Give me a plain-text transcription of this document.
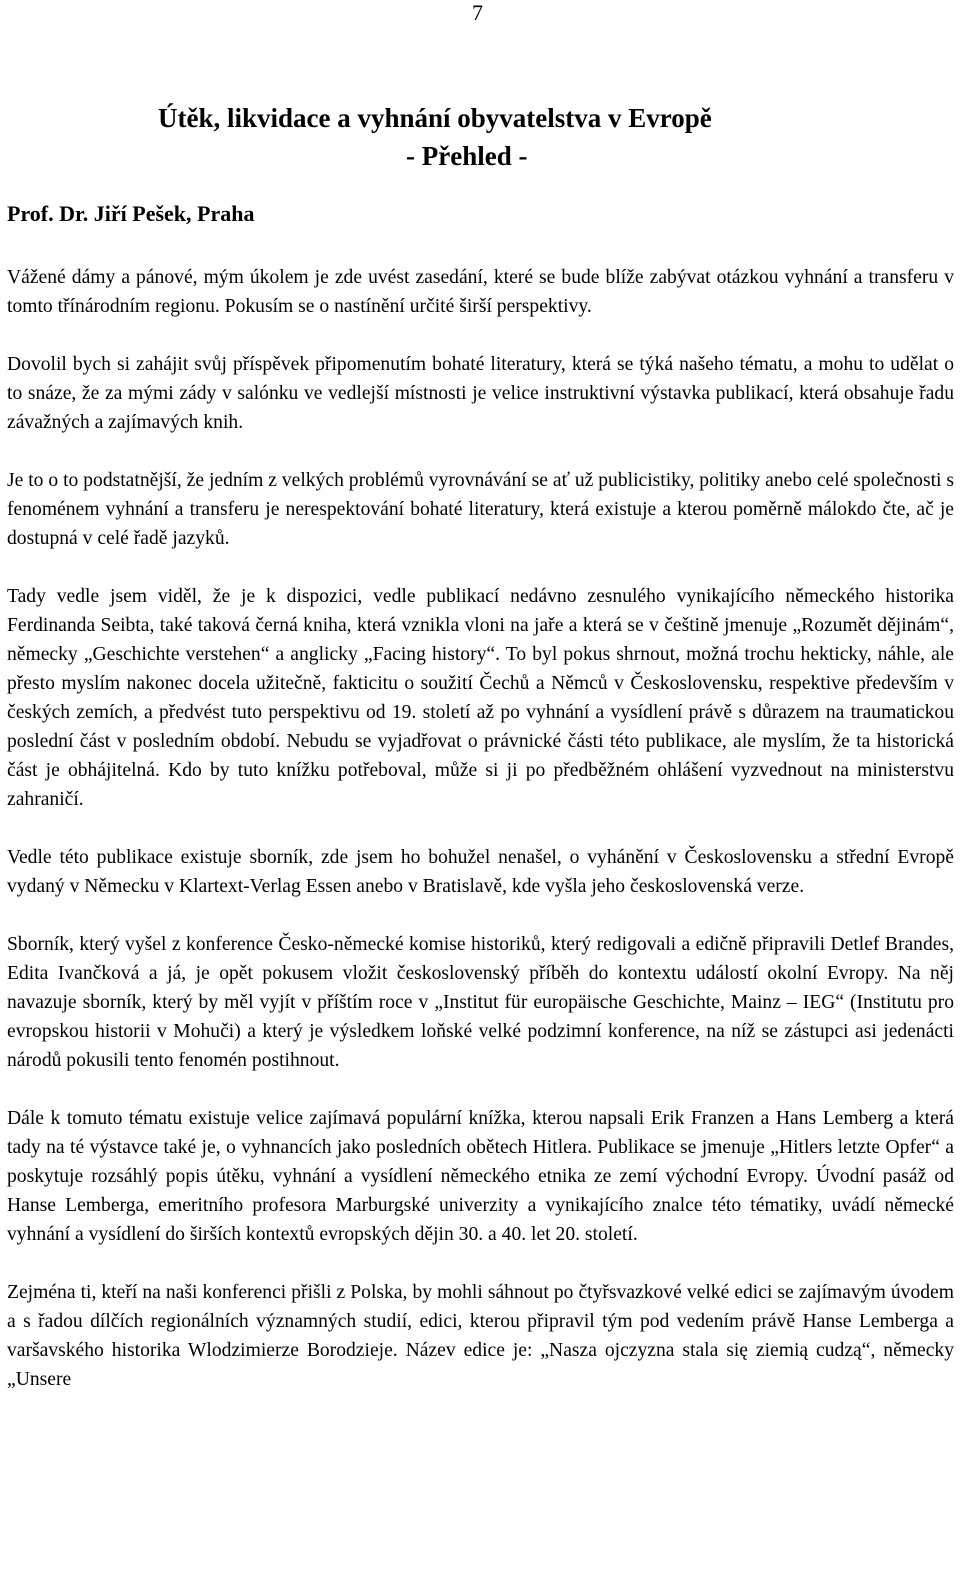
7
Útěk, likvidace a vyhnání obyvatelstva v Evropě
- Přehled -
Prof. Dr. Jiří Pešek, Praha

Vážené dámy a pánové, mým úkolem je zde uvést zasedání, které se bude blíže zabývat otázkou vyhnání a transferu v tomto třínárodním regionu. Pokusím se o nastínění určité širší perspektivy.

Dovolil bych si zahájit svůj příspěvek připomenutím bohaté literatury, která se týká našeho tématu, a mohu to udělat o to snáze, že za mými zády v salónku ve vedlejší místnosti je velice instruktivní výstavka publikací, která obsahuje řadu závažných a zajímavých knih.

Je to o to podstatnější, že jedním z velkých problémů vyrovnávání se ať už publicistiky, politiky anebo celé společnosti s fenoménem vyhnání a transferu je nerespektování bohaté literatury, která existuje a kterou poměrně málokdo čte, ač je dostupná v celé řadě jazyků.

Tady vedle jsem viděl, že je k dispozici, vedle publikací nedávno zesnulého vynikajícího německého historika Ferdinanda Seibta, také taková černá kniha, která vznikla vloni na jaře a která se v češtině jmenuje „Rozumět dějinám“, německy „Geschichte verstehen“ a anglicky „Facing history“. To byl pokus shrnout, možná trochu hekticky, náhle, ale přesto myslím nakonec docela užitečně, fakticitu o soužití Čechů a Němců v Československu, respektive především v českých zemích, a předvést tuto perspektivu od 19. století až po vyhnání a vysídlení právě s důrazem na traumatickou poslední část v posledním období. Nebudu se vyjadřovat o právnické části této publikace, ale myslím, že ta historická část je obhájitelná. Kdo by tuto knížku potřeboval, může si ji po předběžném ohlášení vyzvednout na ministerstvu zahraničí.

Vedle této publikace existuje sborník, zde jsem ho bohužel nenašel, o vyhánění v Československu a střední Evropě vydaný v Německu v Klartext-Verlag Essen anebo v Bratislavě, kde vyšla jeho československá verze.

Sborník, který vyšel z konference Česko-německé komise historiků, který redigovali a edičně připravili Detlef Brandes, Edita Ivančková a já, je opět pokusem vložit československý příběh do kontextu událostí okolní Evropy. Na něj navazuje sborník, který by měl vyjít v příštím roce v „Institut für europäische Geschichte, Mainz – IEG“ (Institutu pro evropskou historii v Mohuči) a který je výsledkem loňské velké podzimní konference, na níž se zástupci asi jedenácti národů pokusili tento fenomén postihnout.

Dále k tomuto tématu existuje velice zajímavá populární knížka, kterou napsali Erik Franzen a Hans Lemberg a která tady na té výstavce také je, o vyhnancích jako posledních obětech Hitlera. Publikace se jmenuje „Hitlers letzte Opfer“ a poskytuje rozsáhlý popis útěku, vyhnání a vysídlení německého etnika ze zemí východní Evropy. Úvodní pasáž od Hanse Lemberga, emeritního profesora Marburgské univerzity a vynikajícího znalce této tématiky, uvádí německé vyhnání a vysídlení do širších kontextů evropských dějin 30. a 40. let 20. století.

Zejména ti, kteří na naši konferenci přišli z Polska, by mohli sáhnout po čtyřsvazkové velké edici se zajímavým úvodem a s řadou dílčích regionálních významných studií, edici, kterou připravil tým pod vedením právě Hanse Lemberga a varšavského historika Wlodzimierze Borodzieje. Název edice je: „Nasza ojczyzna stala się ziemią cudzą“, německy „Unsere
